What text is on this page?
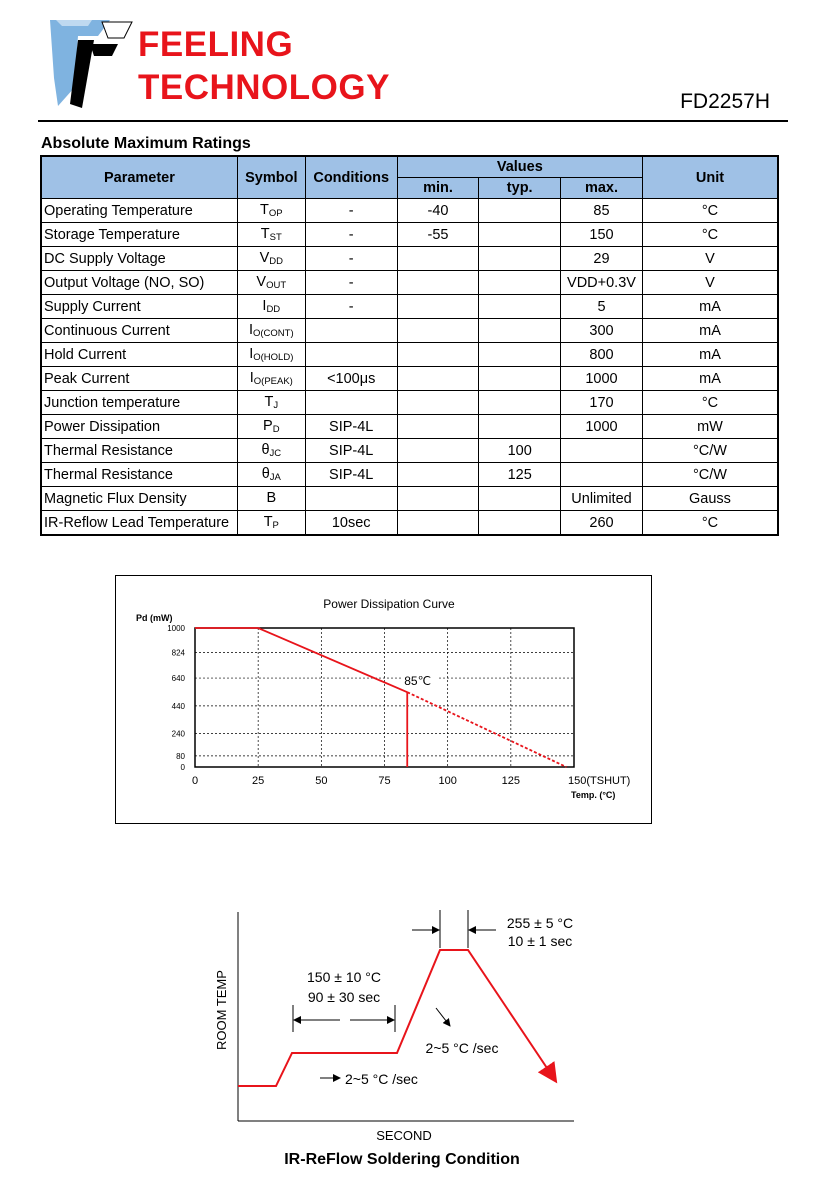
FEELING
TECHNOLOGY	FD2257H
Absolute Maximum Ratings
Parameter	Symbol	Conditions	Values			Unit
			min.	typ.	max.	
Operating Temperature	$T_{OP}$	-	-40		85	°C
Storage Temperature	$T_{ST}$	-	-55		150	°C
DC Supply Voltage	$V_{DD}$	-			29	V
Output Voltage (NO, SO)	$V_{OUT}$	-			VDD+0.3V	V
Supply Current	$I_{DD}$	-			5	mA
Continuous Current	$I_{O(CONT)}$				300	mA
Hold Current	$I_{O(HOLD)}$				800	mA
Peak Current	$I_{O(PEAK)}$	<100μs			1000	mA
Junction temperature	$T_J$				170	°C
Power Dissipation	$P_D$	SIP-4L			1000	mW
Thermal Resistance	$\theta_{JC}$	SIP-4L		100		°C/W
Thermal Resistance	$\theta_{JA}$	SIP-4L		125		°C/W
Magnetic Flux Density	B				Unlimited	Gauss
IR-Reflow Lead Temperature	$T_P$	10sec			260	°C
Power Dissipation Curve
Pd (mW)
0
80
240
440
640
824
1000
0	25	50	75	100	125	150(TSHUT)
Temp. (°C)
85℃
2~5 °C /sec
150 ± 10 °C
90 ± 30 sec
255 ± 5 °C
10 ± 1 sec
2~5 °C /sec
ROOM TEMP
SECOND
IR-ReFlow Soldering Condition
